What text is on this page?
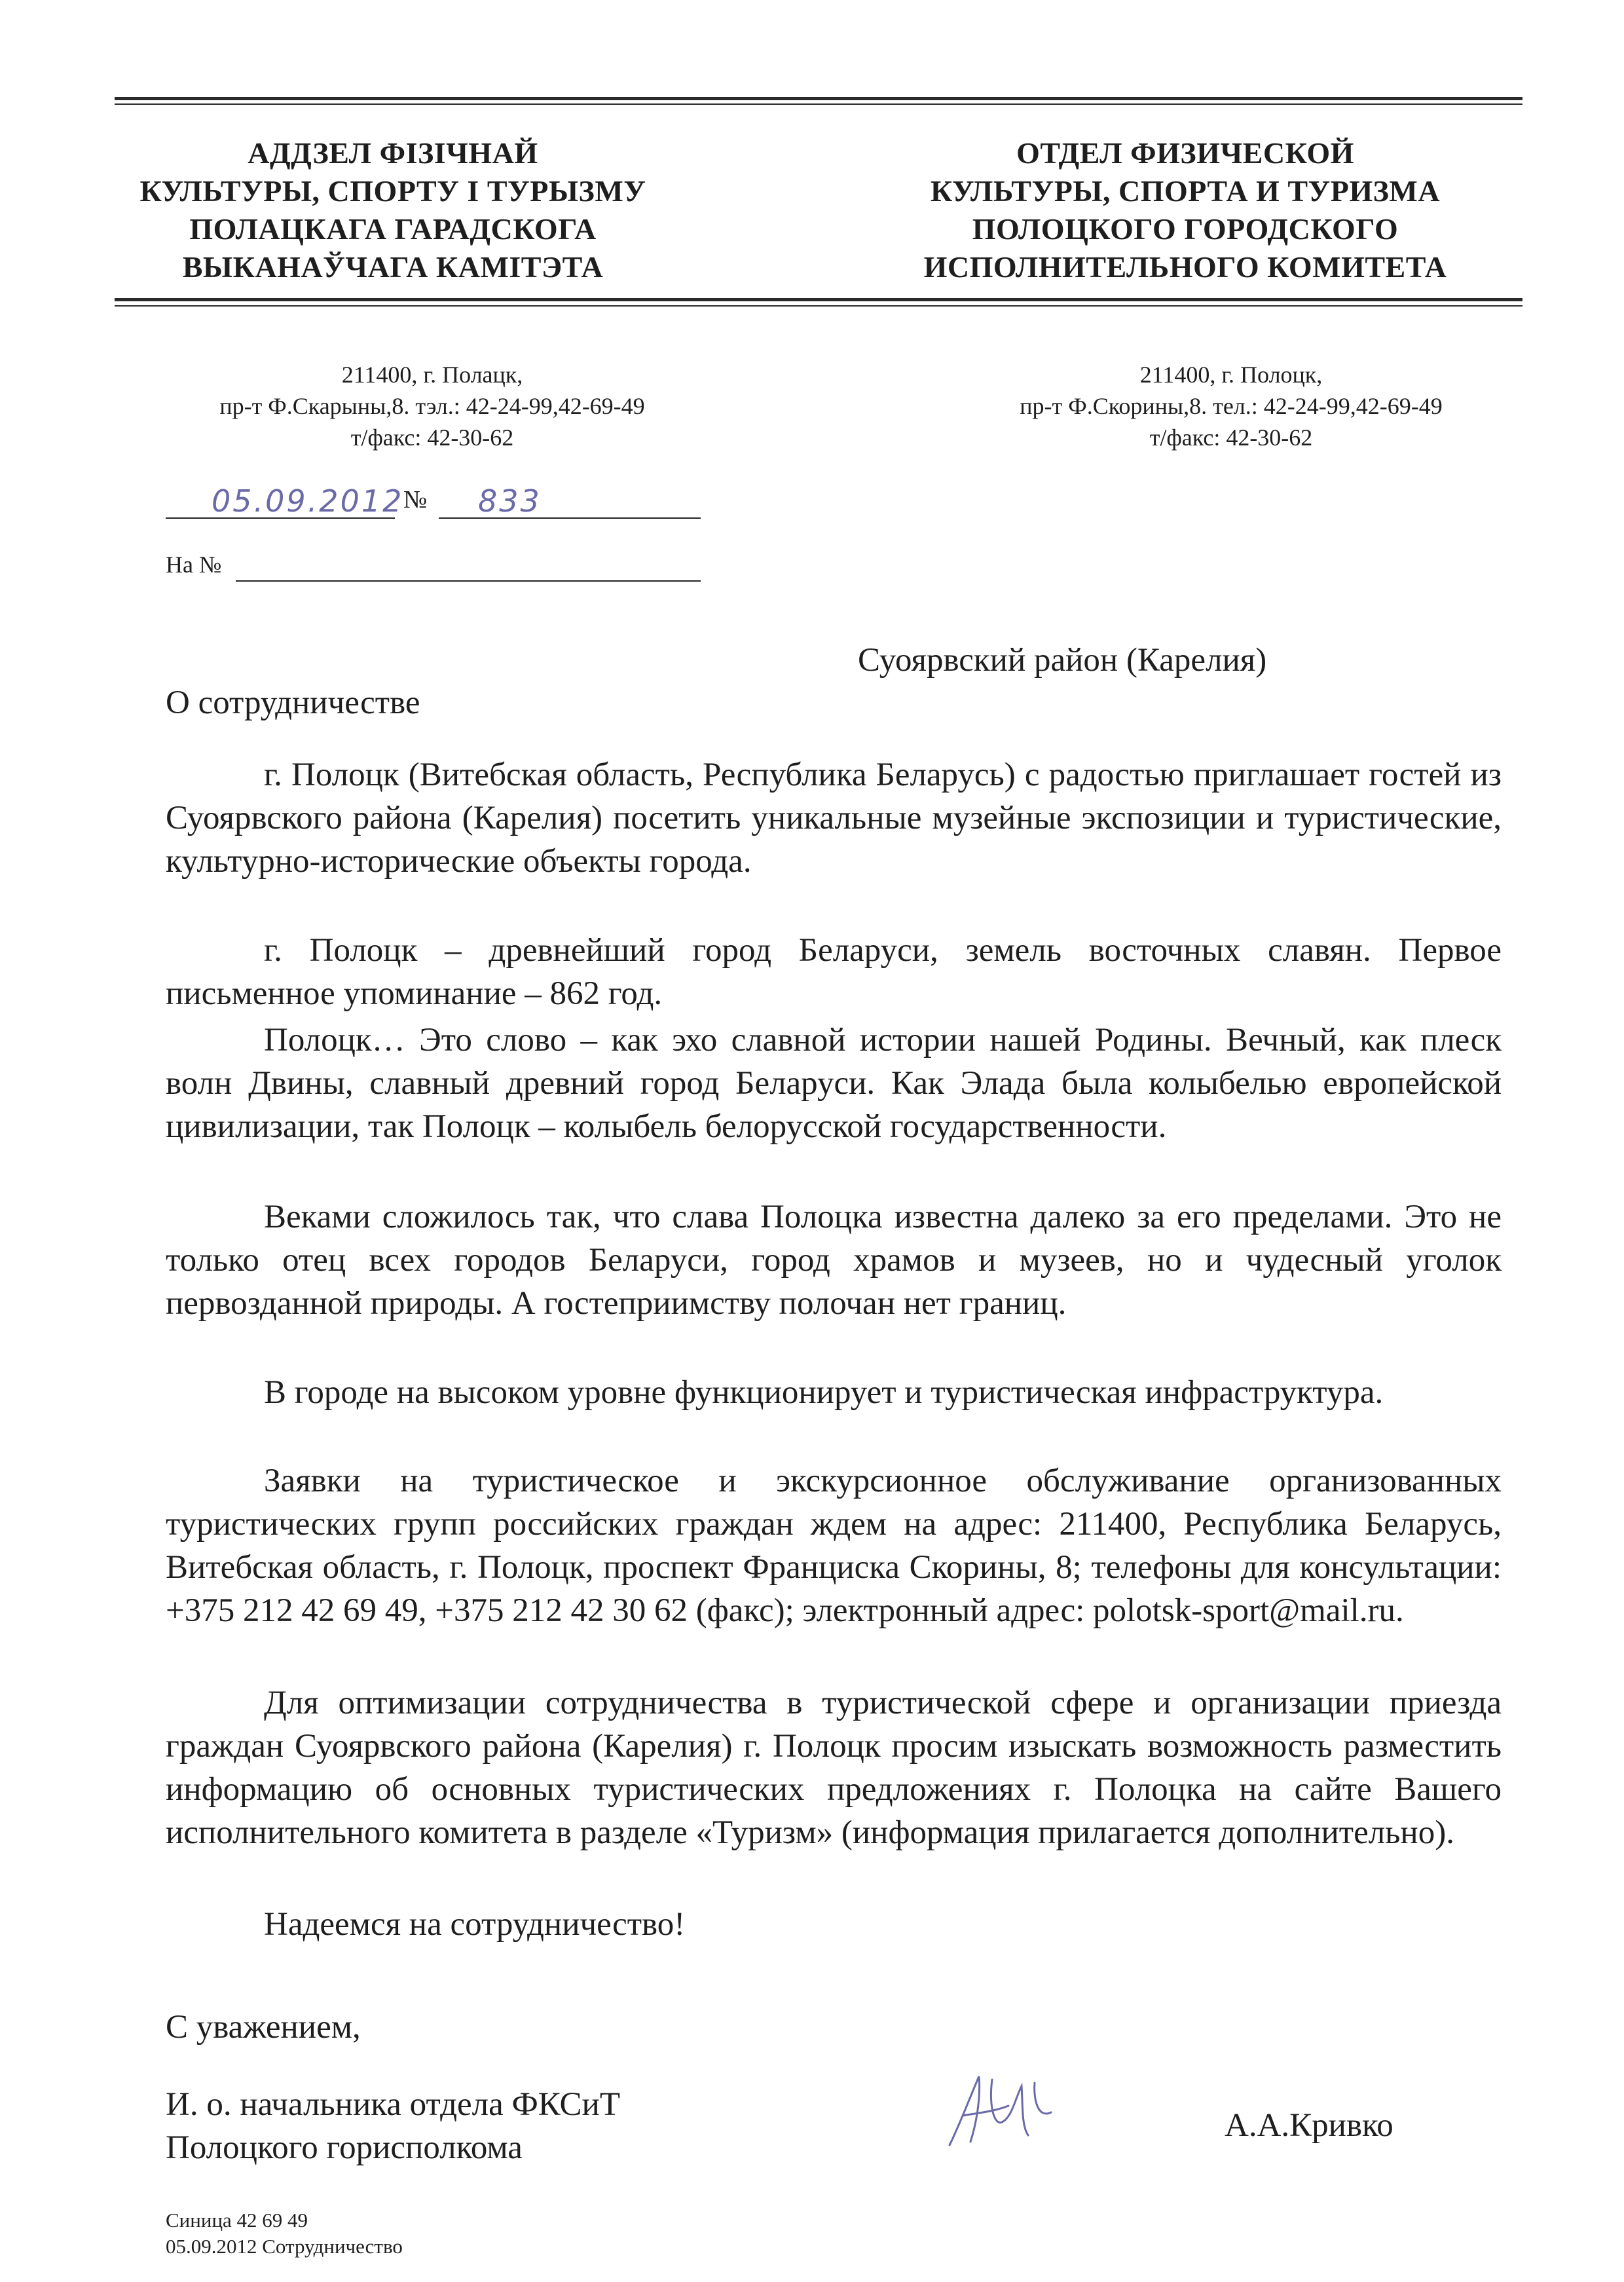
АДДЗЕЛ ФІЗІЧНАЙ
КУЛЬТУРЫ, СПОРТУ І ТУРЫЗМУ
ПОЛАЦКАГА ГАРАДСКОГА
ВЫКАНАЎЧАГА КАМІТЭТА
ОТДЕЛ ФИЗИЧЕСКОЙ
КУЛЬТУРЫ, СПОРТА И ТУРИЗМА
ПОЛОЦКОГО ГОРОДСКОГО
ИСПОЛНИТЕЛЬНОГО КОМИТЕТА
211400, г. Полацк,
пр-т Ф.Скарыны,8. тэл.: 42-24-99,42-69-49
т/факс: 42-30-62
211400, г. Полоцк,
пр-т Ф.Скорины,8. тел.: 42-24-99,42-69-49
т/факс: 42-30-62
05.09.2012 № 833
На №
Суоярвский район (Карелия)
О сотрудничестве

г. Полоцк (Витебская область, Республика Беларусь) с радостью приглашает гостей из Суоярвского района (Карелия) посетить уникальные музейные экспозиции и туристические, культурно-исторические объекты города.

г. Полоцк – древнейший город Беларуси, земель восточных славян. Первое письменное упоминание – 862 год.

Полоцк… Это слово – как эхо славной истории нашей Родины. Вечный, как плеск волн Двины, славный древний город Беларуси. Как Элада была колыбелью европейской цивилизации, так Полоцк – колыбель белорусской государственности.

Веками сложилось так, что слава Полоцка известна далеко за его пределами. Это не только отец всех городов Беларуси, город храмов и музеев, но и чудесный уголок первозданной природы. А гостеприимству полочан нет границ.

В городе на высоком уровне функционирует и туристическая инфраструктура.

Заявки на туристическое и экскурсионное обслуживание организованных туристических групп российских граждан ждем на адрес: 211400, Республика Беларусь, Витебская область, г. Полоцк, проспект Франциска Скорины, 8; телефоны для консультации: +375 212 42 69 49, +375 212 42 30 62 (факс); электронный адрес: polotsk-sport@mail.ru.

Для оптимизации сотрудничества в туристической сфере и организации приезда граждан Суоярвского района (Карелия) г. Полоцк просим изыскать возможность разместить информацию об основных туристических предложениях г. Полоцка на сайте Вашего исполнительного комитета в разделе «Туризм» (информация прилагается дополнительно).

Надеемся на сотрудничество!

С уважением,
И. о. начальника отдела ФКСиТ
Полоцкого горисполкома
А.А.Кривко
Синица 42 69 49
05.09.2012 Сотрудничество
